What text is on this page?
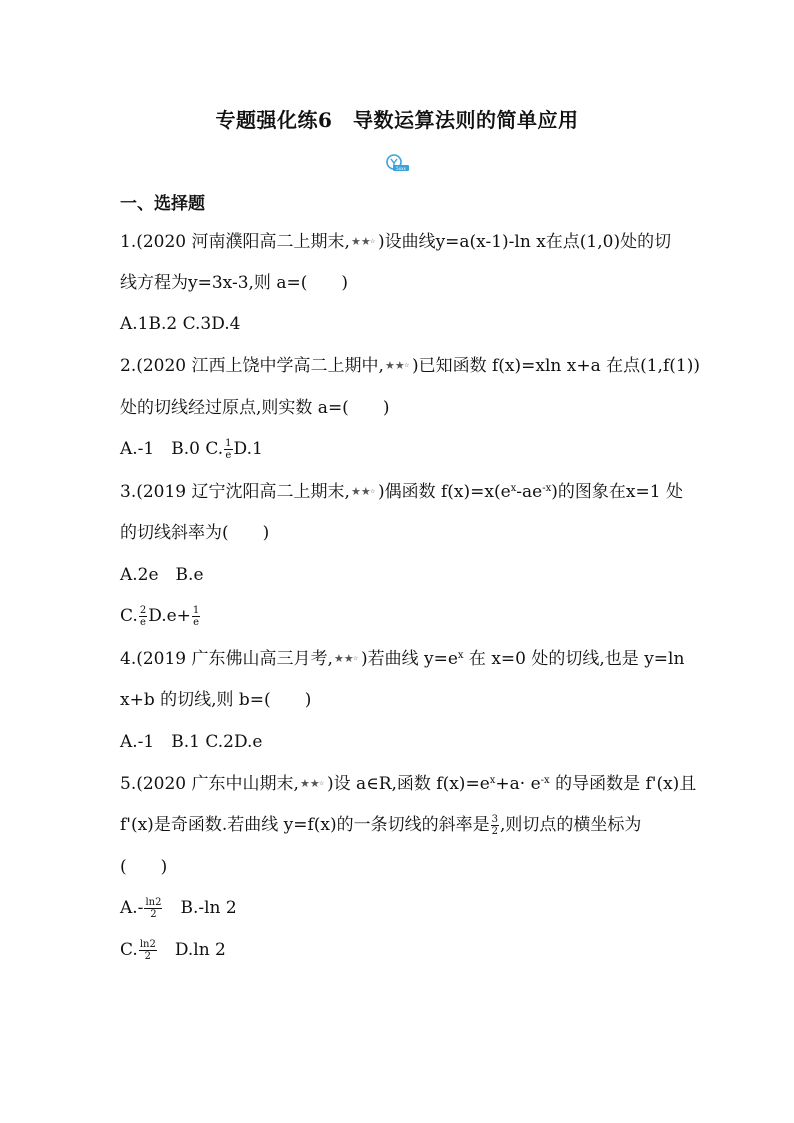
专题强化练6　导数运算法则的简单应用
5xxx
一、选择题
1.(2020 河南濮阳高二上期末, ★★ ☆ )设曲线y=a(x-1)-ln x在点(1,0)处的切
线方程为y=3x-3,则 a=( )
A.1B.2 C.3D.4
2.(2020 江西上饶中学高二上期中, ★★ ☆ )已知函数 f(x)=xln x+a 在点(1,f(1))
处的切线经过原点,则实数 a=( )
A.-1　 B.0 C. $\frac{1}{e} D.1$
3.(2019 辽宁沈阳高二上期末, ★★ ☆ )偶函数 $f(x)=x(e^x-ae^{-x})$的图象在x=1 处
的切线斜率为( )
A.2e　B.e
C. $\frac{2}{e} D.e+ \frac{1}{e}$
4.(2019 广东佛山高三月考, ★★ ☆ )若曲线 $y=e^x$ 在 x=0 处的切线,也是 y=ln
x+b 的切线,则 b=( )
A.-1　B.1 C.2D.e
5.(2020 广东中山期末, ★★ ☆ )设 a∈R,函数 $f(x)=e^x+a\cdot e^{-x}$ 的导函数是 f'(x)且
f'(x)是奇函数.若曲线 y=f(x)的一条切线的斜率是 $\frac{3}{2}$ ,则切点的横坐标为
( )
$A.- \frac{\ln 2}{2}$
　 B.-ln 2
C. $\frac{\ln 2}{2}$
　 D.ln 2
